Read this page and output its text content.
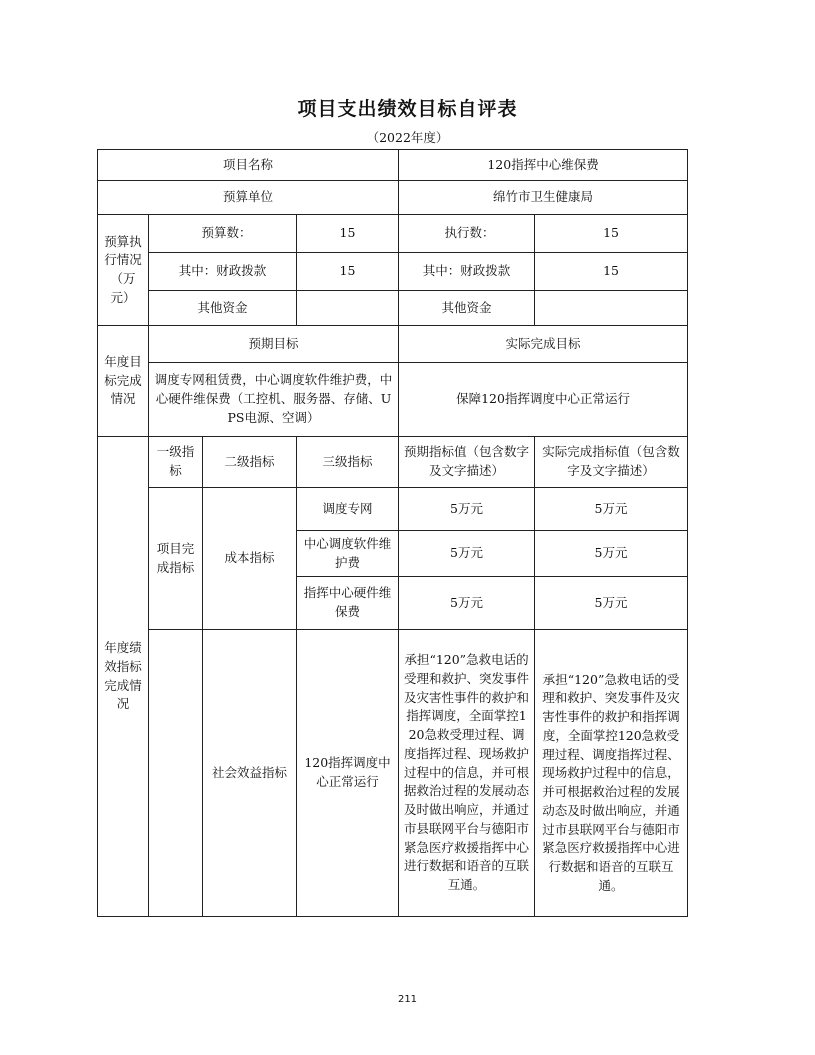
项目支出绩效目标自评表
（2022年度）
项目名称				120指挥中心维保费	
预算单位				绵竹市卫生健康局	
预算执行情况（万元）	预算数：		15	执行数：	15
	其中：财政拨款		15	其中：财政拨款	15
	其他资金			其他资金	
年度目标完成情况	预期目标			实际完成目标	
	调度专网租赁费，中心调度软件维护费，中心硬件维保费（工控机、服务器、存储、UPS电源、空调）			保障120指挥调度中心正常运行	
年度绩效指标完成情况	一级指标	二级指标	三级指标	预期指标值（包含数字及文字描述）	实际完成指标值（包含数字及文字描述）
	项目完成指标	成本指标	调度专网	5万元	5万元
			中心调度软件维护费	5万元	5万元
			指挥中心硬件维保费	5万元	5万元
		社会效益指标	120指挥调度中心正常运行	承担“120”急救电话的受理和救护、突发事件及灾害性事件的救护和指挥调度，全面掌控120急救受理过程、调度指挥过程、现场救护过程中的信息，并可根据救治过程的发展动态及时做出响应，并通过市县联网平台与德阳市紧急医疗救援指挥中心进行数据和语音的互联互通。	承担“120”急救电话的受理和救护、突发事件及灾害性事件的救护和指挥调度，全面掌控120急救受理过程、调度指挥过程、现场救护过程中的信息，并可根据救治过程的发展动态及时做出响应，并通过市县联网平台与德阳市紧急医疗救援指挥中心进行数据和语音的互联互通。
211
